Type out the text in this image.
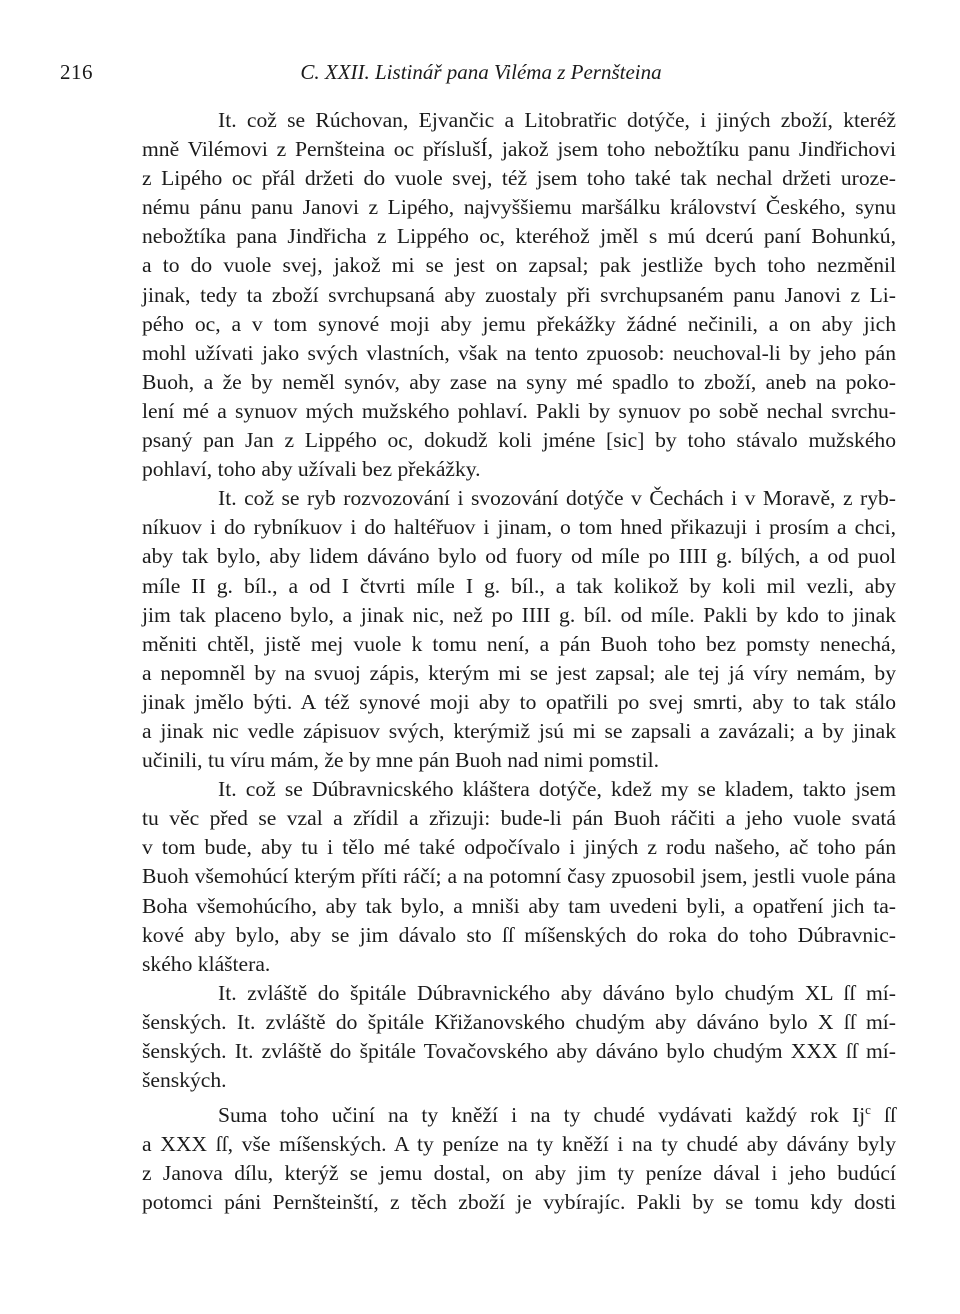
216	C. XXII. Listinář pana Viléma z Pernšteina
It. což se Rúchovan, Ejvančic a Litobratřic dotýče, i jiných zboží, kteréž
mně Vilémovi z Pernšteina oc příslušÍ, jakož jsem toho nebožtíku panu Jindřichovi
z Lipého oc přál držeti do vuole svej, též jsem toho také tak nechal držeti uroze-
nému pánu panu Janovi z Lipého, najvyššiemu maršálku království Českého, synu
nebožtíka pana Jindřicha z Lippého oc, kteréhož jměl s mú dcerú paní Bohunkú,
a to do vuole svej, jakož mi se jest on zapsal; pak jestliže bych toho nezměnil
jinak, tedy ta zboží svrchupsaná aby zuostaly při svrchupsaném panu Janovi z Li-
pého oc, a v tom synové moji aby jemu překážky žádné nečinili, a on aby jich
mohl užívati jako svých vlastních, však na tento zpuosob: neuchoval-li by jeho pán
Buoh, a že by neměl synóv, aby zase na syny mé spadlo to zboží, aneb na poko-
lení mé a synuov mých mužského pohlaví. Pakli by synuov po sobě nechal svrchu-
psaný pan Jan z Lippého oc, dokudž koli jméne [sic] by toho stávalo mužského
pohlaví, toho aby užívali bez překážky.
It. což se ryb rozvozování i svozování dotýče v Čechách i v Moravě, z ryb-
níkuov i do rybníkuov i do haltéřuov i jinam, o tom hned přikazuji i prosím a chci,
aby tak bylo, aby lidem dáváno bylo od fuory od míle po IIII g. bílých, a od puol
míle II g. bíl., a od I čtvrti míle I g. bíl., a tak kolikož by koli mil vezli, aby
jim tak placeno bylo, a jinak nic, než po IIII g. bíl. od míle. Pakli by kdo to jinak
měniti chtěl, jistě mej vuole k tomu není, a pán Buoh toho bez pomsty nenechá,
a nepomněl by na svuoj zápis, kterým mi se jest zapsal; ale tej já víry nemám, by
jinak jmělo býti. A též synové moji aby to opatřili po svej smrti, aby to tak stálo
a jinak nic vedle zápisuov svých, kterýmiž jsú mi se zapsali a zavázali; a by jinak
učinili, tu víru mám, že by mne pán Buoh nad nimi pomstil.
It. což se Dúbravnicského kláštera dotýče, kdež my se kladem, takto jsem
tu věc před se vzal a zřídil a zřizuji: bude-li pán Buoh ráčiti a jeho vuole svatá
v tom bude, aby tu i tělo mé také odpočívalo i jiných z rodu našeho, ač toho pán
Buoh všemohúcí kterým příti ráčí; a na potomní časy zpuosobil jsem, jestli vuole pána
Boha všemohúcího, aby tak bylo, a mniši aby tam uvedeni byli, a opatření jich ta-
kové aby bylo, aby se jim dávalo sto ſſ míšenských do roka do toho Dúbravnic-
ského kláštera.
It. zvláště do špitále Dúbravnického aby dáváno bylo chudým XL ſſ mí-
šenských. It. zvláště do špitále Křižanovského chudým aby dáváno bylo X ſſ mí-
šenských. It. zvláště do špitále Tovačovského aby dáváno bylo chudým XXX ſſ mí-
šenských.
Suma toho učiní na ty kněží i na ty chudé vydávati každý rok Ij$^c$ ſſ
a XXX ſſ, vše míšenských. A ty peníze na ty kněží i na ty chudé aby dávány byly
z Janova dílu, kterýž se jemu dostal, on aby jim ty peníze dával i jeho budúcí
potomci páni Pernšteinští, z těch zboží je vybírajíc. Pakli by se tomu kdy dosti
